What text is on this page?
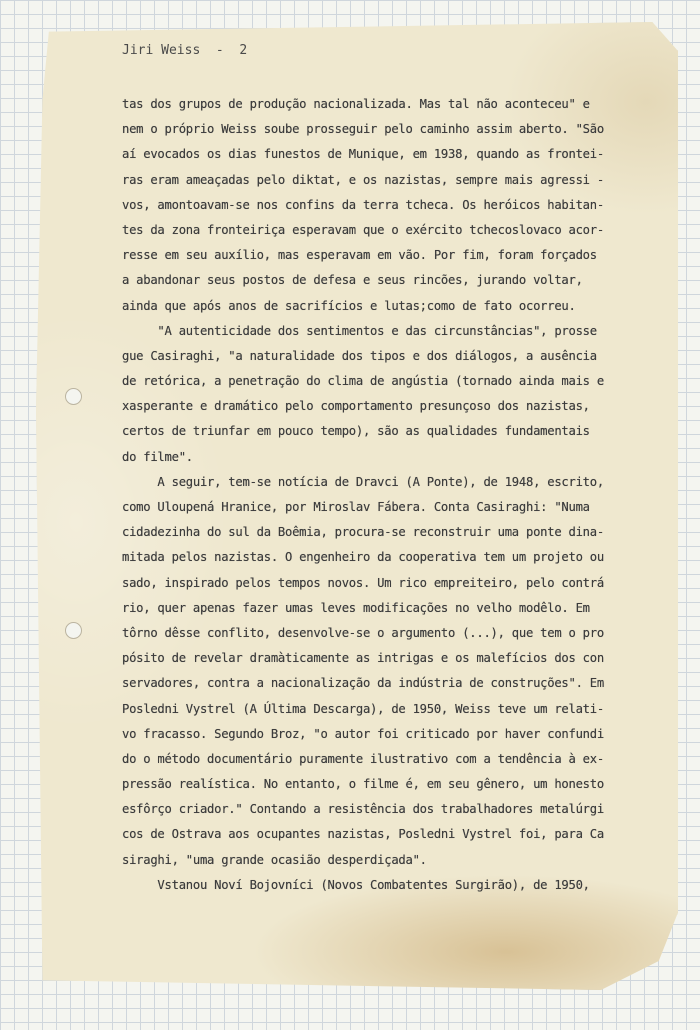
Jiri Weiss  -  2
tas dos grupos de produção nacionalizada. Mas tal não aconteceu" e
nem o próprio Weiss soube prosseguir pelo caminho assim aberto. "São
aí evocados os dias funestos de Munique, em 1938, quando as frontei-
ras eram ameaçadas pelo diktat, e os nazistas, sempre mais agressi -
vos, amontoavam-se nos confins da terra tcheca. Os heróicos habitan-
tes da zona fronteiriça esperavam que o exército tchecoslovaco acor-
resse em seu auxílio, mas esperavam em vão. Por fim, foram forçados
a abandonar seus postos de defesa e seus rincões, jurando voltar,
ainda que após anos de sacrifícios e lutas;como de fato ocorreu.
"A autenticidade dos sentimentos e das circunstâncias", prosse
gue Casiraghi, "a naturalidade dos tipos e dos diálogos, a ausência
de retórica, a penetração do clima de angústia (tornado ainda mais e
xasperante e dramático pelo comportamento presunçoso dos nazistas,
certos de triunfar em pouco tempo), são as qualidades fundamentais
do filme".
A seguir, tem-se notícia de Dravci (A Ponte), de 1948, escrito,
como Uloupená Hranice, por Miroslav Fábera. Conta Casiraghi: "Numa
cidadezinha do sul da Boêmia, procura-se reconstruir uma ponte dina-
mitada pelos nazistas. O engenheiro da cooperativa tem um projeto ou
sado, inspirado pelos tempos novos. Um rico empreiteiro, pelo contrá
rio, quer apenas fazer umas leves modificações no velho modêlo. Em
tôrno dêsse conflito, desenvolve-se o argumento (...), que tem o pro
pósito de revelar dramàticamente as intrigas e os malefícios dos con
servadores, contra a nacionalização da indústria de construções". Em
Posledni Vystrel (A Última Descarga), de 1950, Weiss teve um relati-
vo fracasso. Segundo Broz, "o autor foi criticado por haver confundi
do o método documentário puramente ilustrativo com a tendência à ex-
pressão realística. No entanto, o filme é, em seu gênero, um honesto
esfôrço criador." Contando a resistência dos trabalhadores metalúrgi
cos de Ostrava aos ocupantes nazistas, Posledni Vystrel foi, para Ca
siraghi, "uma grande ocasião desperdiçada".
Vstanou Noví Bojovníci (Novos Combatentes Surgirão), de 1950,
